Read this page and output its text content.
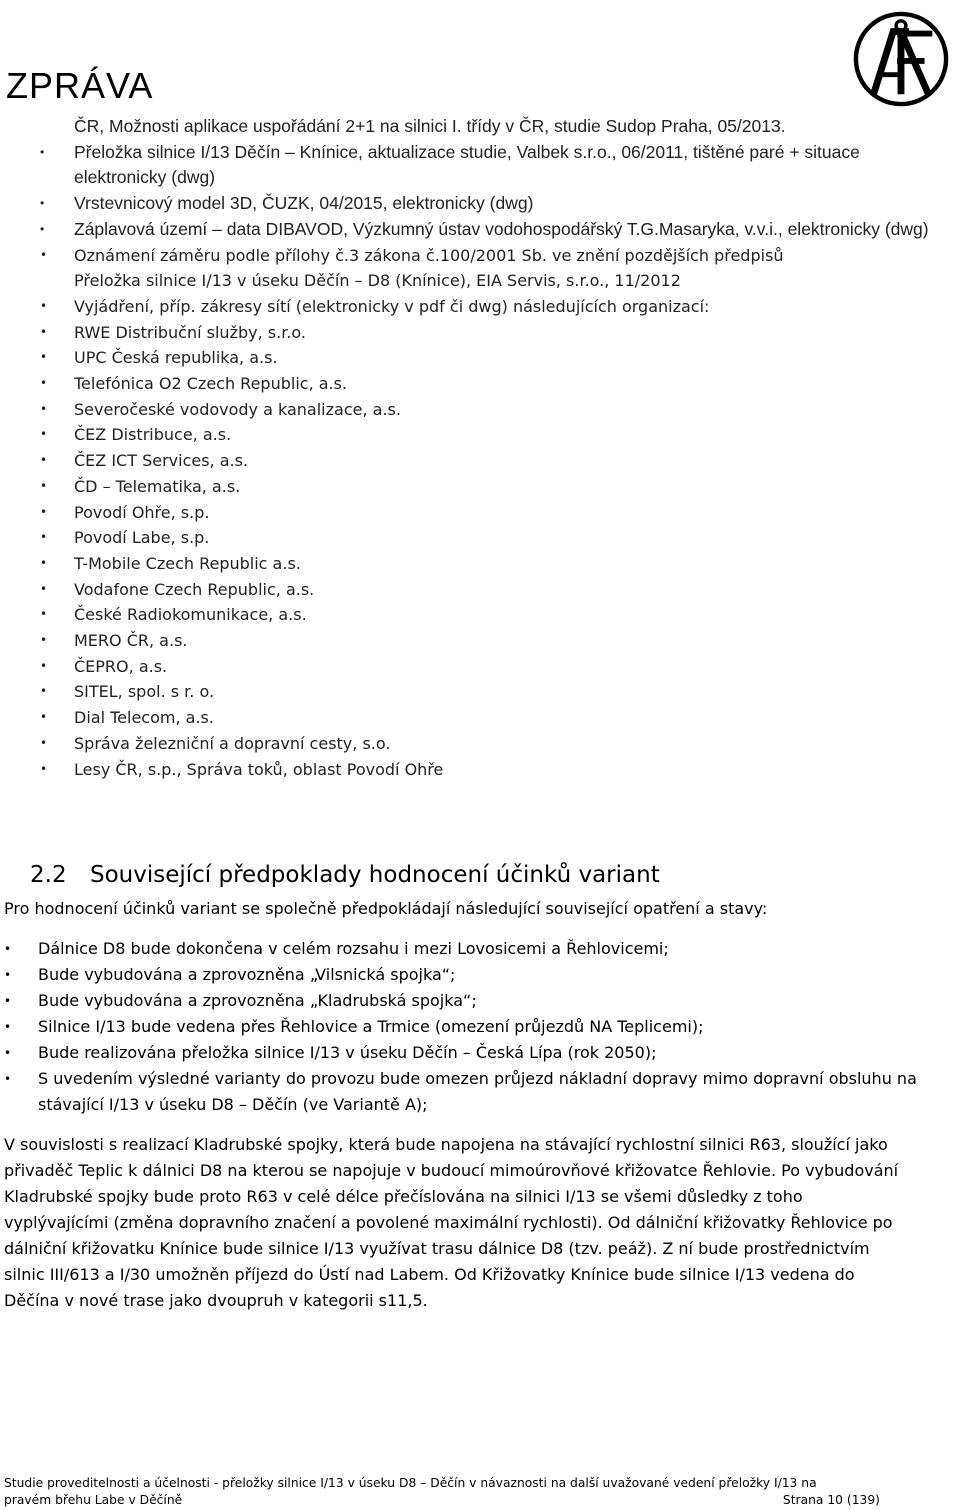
ZPRÁVA
ČR, Možnosti aplikace uspořádání 2+1 na silnici I. třídy v ČR, studie Sudop Praha, 05/2013.
• Přeložka silnice I/13 Děčín – Knínice, aktualizace studie, Valbek s.r.o., 06/2011, tištěné paré + situace elektronicky (dwg)
• Vrstevnicový model 3D, ČUZK, 04/2015, elektronicky (dwg)
• Záplavová území – data DIBAVOD, Výzkumný ústav vodohospodářský T.G.Masaryka, v.v.i., elektronicky (dwg)
• Oznámení záměru podle přílohy č.3 zákona č.100/2001 Sb. ve znění pozdějších předpisů
Přeložka silnice I/13 v úseku Děčín – D8 (Knínice), EIA Servis, s.r.o., 11/2012
• Vyjádření, příp. zákresy sítí (elektronicky v pdf či dwg) následujících organizací:
• RWE Distribuční služby, s.r.o.
• UPC Česká republika, a.s.
• Telefónica O2 Czech Republic, a.s.
• Severočeské vodovody a kanalizace, a.s.
• ČEZ Distribuce, a.s.
• ČEZ ICT Services, a.s.
• ČD – Telematika, a.s.
• Povodí Ohře, s.p.
• Povodí Labe, s.p.
• T-Mobile Czech Republic a.s.
• Vodafone Czech Republic, a.s.
• České Radiokomunikace, a.s.
• MERO ČR, a.s.
• ČEPRO, a.s.
• SITEL, spol. s r. o.
• Dial Telecom, a.s.
• Správa železniční a dopravní cesty, s.o.
• Lesy ČR, s.p., Správa toků, oblast Povodí Ohře
2.2 Související předpoklady hodnocení účinků variant

Pro hodnocení účinků variant se společně předpokládají následující související opatření a stavy:

• Dálnice D8 bude dokončena v celém rozsahu i mezi Lovosicemi a Řehlovicemi;
• Bude vybudována a zprovozněna „Vilsnická spojka“;
• Bude vybudována a zprovozněna „Kladrubská spojka“;
• Silnice I/13 bude vedena přes Řehlovice a Trmice (omezení průjezdů NA Teplicemi);
• Bude realizována přeložka silnice I/13 v úseku Děčín – Česká Lípa (rok 2050);
• S uvedením výsledné varianty do provozu bude omezen průjezd nákladní dopravy mimo dopravní obsluhu na stávající I/13 v úseku D8 – Děčín (ve Variantě A);

V souvislosti s realizací Kladrubské spojky, která bude napojena na stávající rychlostní silnici R63, sloužící jako přivaděč Teplic k dálnici D8 na kterou se napojuje v budoucí mimoúrovňové křižovatce Řehlovie. Po vybudování Kladrubské spojky bude proto R63 v celé délce přečíslována na silnici I/13 se všemi důsledky z toho vyplývajícími (změna dopravního značení a povolené maximální rychlosti). Od dálniční křižovatky Řehlovice po dálniční křižovatku Knínice bude silnice I/13 využívat trasu dálnice D8 (tzv. peáž). Z ní bude prostřednictvím silnic III/613 a I/30 umožněn příjezd do Ústí nad Labem. Od Křižovatky Knínice bude silnice I/13 vedena do Děčína v nové trase jako dvoupruh v kategorii s11,5.

Studie proveditelnosti a účelnosti - přeložky silnice I/13 v úseku D8 – Děčín v návaznosti na další uvažované vedení přeložky I/13 na
pravém břehu Labe v Děčíně	Strana 10 (139)
